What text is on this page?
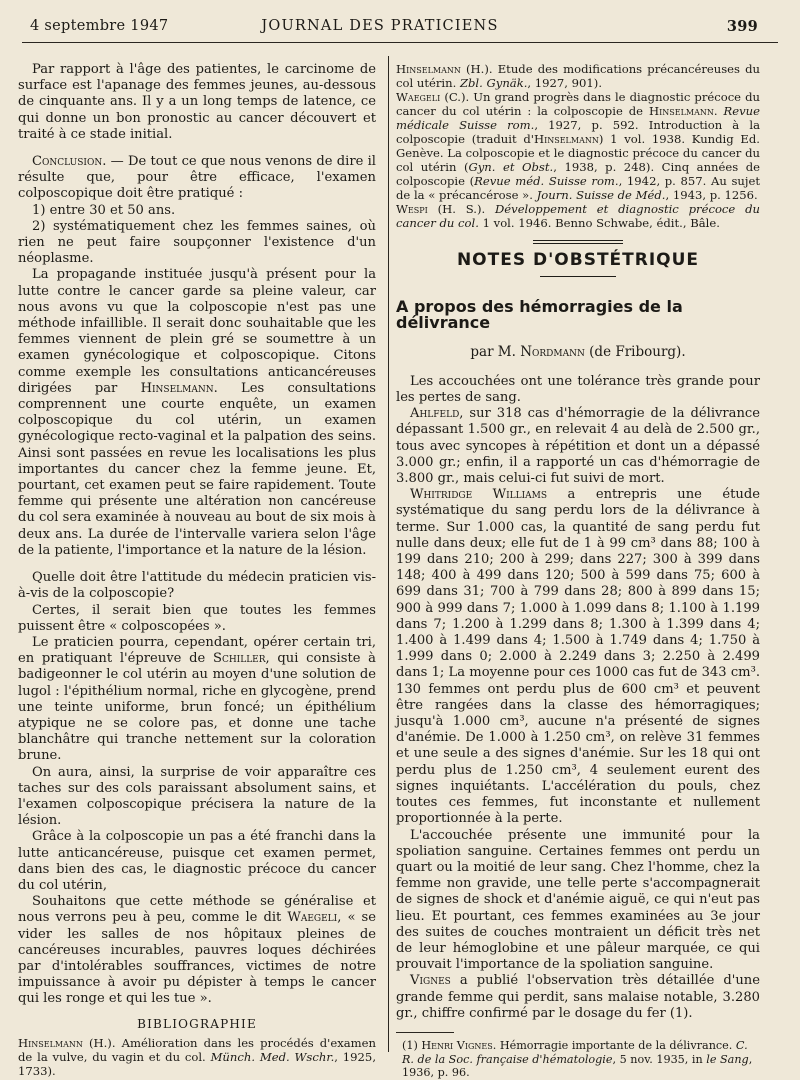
4 septembre 1947	JOURNAL DES PRATICIENS	399

Par rapport à l'âge des patientes, le carcinome de surface est l'apanage des femmes jeunes, au-dessous de cinquante ans. Il y a un long temps de latence, ce qui donne un bon pronostic au cancer découvert et traité à ce stade initial.

Conclusion. — De tout ce que nous venons de dire il résulte que, pour être efficace, l'examen colposcopique doit être pratiqué :

1) entre 30 et 50 ans.

2) systématiquement chez les femmes saines, où rien ne peut faire soupçonner l'existence d'un néoplasme.

La propagande instituée jusqu'à présent pour la lutte contre le cancer garde sa pleine valeur, car nous avons vu que la colposcopie n'est pas une méthode infaillible. Il serait donc souhaitable que les femmes viennent de plein gré se soumettre à un examen gynécologique et colposcopique. Citons comme exemple les consultations anticancéreuses dirigées par Hinselmann. Les consultations comprennent une courte enquête, un examen colposcopique du col utérin, un examen gynécologique recto-vaginal et la palpation des seins. Ainsi sont passées en revue les localisations les plus importantes du cancer chez la femme jeune. Et, pourtant, cet examen peut se faire rapidement. Toute femme qui présente une altération non cancéreuse du col sera examinée à nouveau au bout de six mois à deux ans. La durée de l'intervalle variera selon l'âge de la patiente, l'importance et la nature de la lésion.

Quelle doit être l'attitude du médecin praticien vis-à-vis de la colposcopie?

Certes, il serait bien que toutes les femmes puissent être « colposcopées ».

Le praticien pourra, cependant, opérer certain tri, en pratiquant l'épreuve de Schiller, qui consiste à badigeonner le col utérin au moyen d'une solution de lugol : l'épithélium normal, riche en glycogène, prend une teinte uniforme, brun foncé; un épithélium atypique ne se colore pas, et donne une tache blanchâtre qui tranche nettement sur la coloration brune.

On aura, ainsi, la surprise de voir apparaître ces taches sur des cols paraissant absolument sains, et l'examen colposcopique précisera la nature de la lésion.

Grâce à la colposcopie un pas a été franchi dans la lutte anticancéreuse, puisque cet examen permet, dans bien des cas, le diagnostic précoce du cancer du col utérin,

Souhaitons que cette méthode se généralise et nous verrons peu à peu, comme le dit Waegeli, « se vider les salles de nos hôpitaux pleines de cancéreuses incurables, pauvres loques déchirées par d'intolérables souffrances, victimes de notre impuissance à avoir pu dépister à temps le cancer qui les ronge et qui les tue ».

BIBLIOGRAPHIE

Hinselmann (H.). Amélioration dans les procédés d'examen de la vulve, du vagin et du col. Münch. Med. Wschr., 1925, 1733).

Hinselmann (H.). Etude des modifications précancéreuses du col utérin. Zbl. Gynäk., 1927, 901).

Waegeli (C.). Un grand progrès dans le diagnostic précoce du cancer du col utérin : la colposcopie de Hinselmann. Revue médicale Suisse rom., 1927, p. 592. Introduction à la colposcopie (traduit d'Hinselmann) 1 vol. 1938. Kundig Ed. Genève. La colposcopie et le diagnostic précoce du cancer du col utérin (Gyn. et Obst., 1938, p. 248). Cinq années de colposcopie (Revue méd. Suisse rom., 1942, p. 857. Au sujet de la « précancérose ». Journ. Suisse de Méd., 1943, p. 1256.

Wespi (H. S.). Développement et diagnostic précoce du cancer du col. 1 vol. 1946. Benno Schwabe, édit., Bâle.

NOTES D'OBSTÉTRIQUE
A propos des hémorragies de la délivrance
par M. Nordmann (de Fribourg).

Les accouchées ont une tolérance très grande pour les pertes de sang.

Ahlfeld, sur 318 cas d'hémorragie de la délivrance dépassant 1.500 gr., en relevait 4 au delà de 2.500 gr., tous avec syncopes à répétition et dont un a dépassé 3.000 gr.; enfin, il a rapporté un cas d'hémorragie de 3.800 gr., mais celui-ci fut suivi de mort.

Whitridge Williams a entrepris une étude systématique du sang perdu lors de la délivrance à terme. Sur 1.000 cas, la quantité de sang perdu fut nulle dans deux; elle fut de 1 à 99 cm³ dans 88; 100 à 199 dans 210; 200 à 299; dans 227; 300 à 399 dans 148; 400 à 499 dans 120; 500 à 599 dans 75; 600 à 699 dans 31; 700 à 799 dans 28; 800 à 899 dans 15; 900 à 999 dans 7; 1.000 à 1.099 dans 8; 1.100 à 1.199 dans 7; 1.200 à 1.299 dans 8; 1.300 à 1.399 dans 4; 1.400 à 1.499 dans 4; 1.500 à 1.749 dans 4; 1.750 à 1.999 dans 0; 2.000 à 2.249 dans 3; 2.250 à 2.499 dans 1; La moyenne pour ces 1000 cas fut de 343 cm³. 130 femmes ont perdu plus de 600 cm³ et peuvent être rangées dans la classe des hémorragiques; jusqu'à 1.000 cm³, aucune n'a présenté de signes d'anémie. De 1.000 à 1.250 cm³, on relève 31 femmes et une seule a des signes d'anémie. Sur les 18 qui ont perdu plus de 1.250 cm³, 4 seulement eurent des signes inquiétants. L'accélération du pouls, chez toutes ces femmes, fut inconstante et nullement proportionnée à la perte.

L'accouchée présente une immunité pour la spoliation sanguine. Certaines femmes ont perdu un quart ou la moitié de leur sang. Chez l'homme, chez la femme non gravide, une telle perte s'accompagnerait de signes de shock et d'anémie aiguë, ce qui n'eut pas lieu. Et pourtant, ces femmes examinées au 3e jour des suites de couches montraient un déficit très net de leur hémoglobine et une pâleur marquée, ce qui prouvait l'importance de la spoliation sanguine.

Vignes a publié l'observation très détaillée d'une grande femme qui perdit, sans malaise notable, 3.280 gr., chiffre confirmé par le dosage du fer (1).

(1) Henri Vignes. Hémorragie importante de la délivrance. C. R. de la Soc. française d'hématologie, 5 nov. 1935, in le Sang, 1936, p. 96.
